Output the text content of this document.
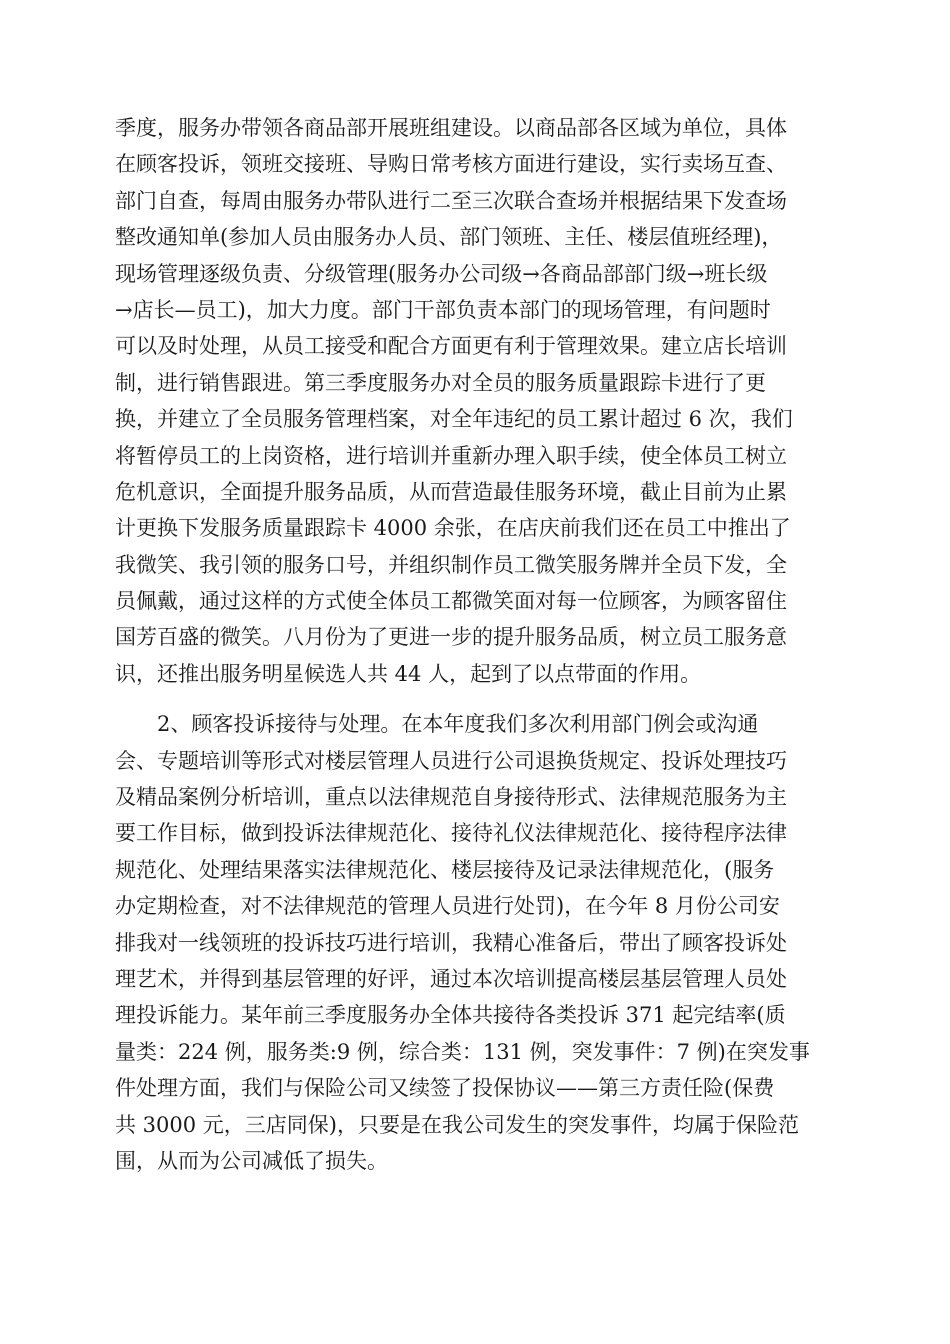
季度，服务办带领各商品部开展班组建设。以商品部各区域为单位，具体
在顾客投诉，领班交接班、导购日常考核方面进行建设，实行卖场互查、
部门自查，每周由服务办带队进行二至三次联合查场并根据结果下发查场
整改通知单(参加人员由服务办人员、部门领班、主任、楼层值班经理)，
现场管理逐级负责、分级管理(服务办公司级→各商品部部门级→班长级
→店长—员工)，加大力度。部门干部负责本部门的现场管理，有问题时
可以及时处理，从员工接受和配合方面更有利于管理效果。建立店长培训
制，进行销售跟进。第三季度服务办对全员的服务质量跟踪卡进行了更
换，并建立了全员服务管理档案，对全年违纪的员工累计超过 6 次，我们
将暂停员工的上岗资格，进行培训并重新办理入职手续，使全体员工树立
危机意识，全面提升服务品质，从而营造最佳服务环境，截止目前为止累
计更换下发服务质量跟踪卡 4000 余张，在店庆前我们还在员工中推出了
我微笑、我引领的服务口号，并组织制作员工微笑服务牌并全员下发，全
员佩戴，通过这样的方式使全体员工都微笑面对每一位顾客，为顾客留住
国芳百盛的微笑。八月份为了更进一步的提升服务品质，树立员工服务意
识，还推出服务明星候选人共 44 人，起到了以点带面的作用。
2、顾客投诉接待与处理。在本年度我们多次利用部门例会或沟通
会、专题培训等形式对楼层管理人员进行公司退换货规定、投诉处理技巧
及精品案例分析培训，重点以法律规范自身接待形式、法律规范服务为主
要工作目标，做到投诉法律规范化、接待礼仪法律规范化、接待程序法律
规范化、处理结果落实法律规范化、楼层接待及记录法律规范化，(服务
办定期检查，对不法律规范的管理人员进行处罚)，在今年 8 月份公司安
排我对一线领班的投诉技巧进行培训，我精心准备后，带出了顾客投诉处
理艺术，并得到基层管理的好评，通过本次培训提高楼层基层管理人员处
理投诉能力。某年前三季度服务办全体共接待各类投诉 371 起完结率(质
量类：224 例，服务类:9 例，综合类：131 例，突发事件：7 例)在突发事
件处理方面，我们与保险公司又续签了投保协议——第三方责任险(保费
共 3000 元，三店同保)，只要是在我公司发生的突发事件，均属于保险范
围，从而为公司减低了损失。
